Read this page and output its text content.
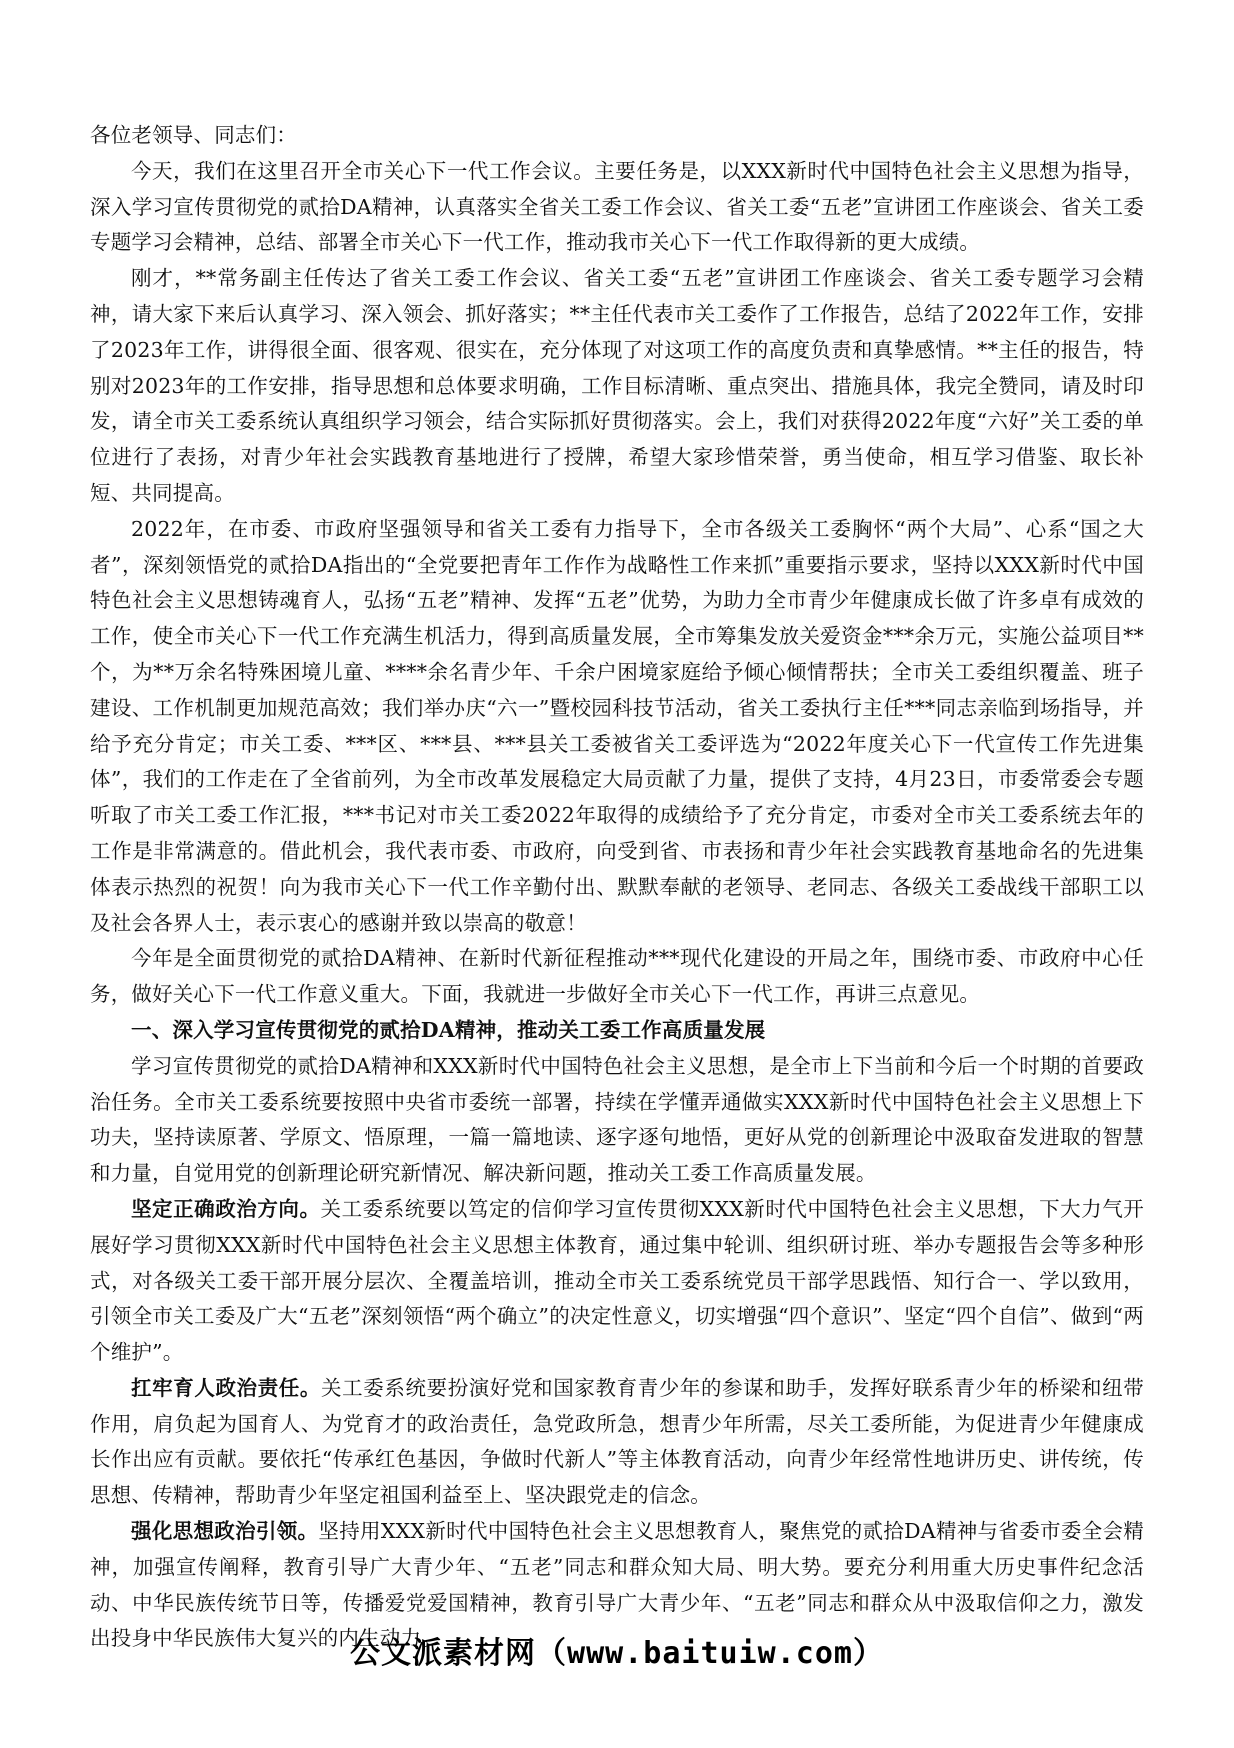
各位老领导、同志们：

今天，我们在这里召开全市关心下一代工作会议。主要任务是，以XXX新时代中国特色社会主义思想为指导，深入学习宣传贯彻党的贰拾DA精神，认真落实全省关工委工作会议、省关工委“五老”宣讲团工作座谈会、省关工委专题学习会精神，总结、部署全市关心下一代工作，推动我市关心下一代工作取得新的更大成绩。

刚才，**常务副主任传达了省关工委工作会议、省关工委“五老”宣讲团工作座谈会、省关工委专题学习会精神，请大家下来后认真学习、深入领会、抓好落实；**主任代表市关工委作了工作报告，总结了2022年工作，安排了2023年工作，讲得很全面、很客观、很实在，充分体现了对这项工作的高度负责和真挚感情。**主任的报告，特别对2023年的工作安排，指导思想和总体要求明确，工作目标清晰、重点突出、措施具体，我完全赞同，请及时印发，请全市关工委系统认真组织学习领会，结合实际抓好贯彻落实。会上，我们对获得2022年度“六好”关工委的单位进行了表扬，对青少年社会实践教育基地进行了授牌，希望大家珍惜荣誉，勇当使命，相互学习借鉴、取长补短、共同提高。

2022年，在市委、市政府坚强领导和省关工委有力指导下，全市各级关工委胸怀“两个大局”、心系“国之大者”，深刻领悟党的贰拾DA指出的“全党要把青年工作作为战略性工作来抓”重要指示要求，坚持以XXX新时代中国特色社会主义思想铸魂育人，弘扬“五老”精神、发挥“五老”优势，为助力全市青少年健康成长做了许多卓有成效的工作，使全市关心下一代工作充满生机活力，得到高质量发展，全市筹集发放关爱资金***余万元，实施公益项目**个，为**万余名特殊困境儿童、****余名青少年、千余户困境家庭给予倾心倾情帮扶；全市关工委组织覆盖、班子建设、工作机制更加规范高效；我们举办庆“六一”暨校园科技节活动，省关工委执行主任***同志亲临到场指导，并给予充分肯定；市关工委、***区、***县、***县关工委被省关工委评选为“2022年度关心下一代宣传工作先进集体”，我们的工作走在了全省前列，为全市改革发展稳定大局贡献了力量，提供了支持，4月23日，市委常委会专题听取了市关工委工作汇报，***书记对市关工委2022年取得的成绩给予了充分肯定，市委对全市关工委系统去年的工作是非常满意的。借此机会，我代表市委、市政府，向受到省、市表扬和青少年社会实践教育基地命名的先进集体表示热烈的祝贺！向为我市关心下一代工作辛勤付出、默默奉献的老领导、老同志、各级关工委战线干部职工以及社会各界人士，表示衷心的感谢并致以崇高的敬意！

今年是全面贯彻党的贰拾DA精神、在新时代新征程推动***现代化建设的开局之年，围绕市委、市政府中心任务，做好关心下一代工作意义重大。下面，我就进一步做好全市关心下一代工作，再讲三点意见。

一、深入学习宣传贯彻党的贰拾DA精神，推动关工委工作高质量发展

学习宣传贯彻党的贰拾DA精神和XXX新时代中国特色社会主义思想，是全市上下当前和今后一个时期的首要政治任务。全市关工委系统要按照中央省市委统一部署，持续在学懂弄通做实XXX新时代中国特色社会主义思想上下功夫，坚持读原著、学原文、悟原理，一篇一篇地读、逐字逐句地悟，更好从党的创新理论中汲取奋发进取的智慧和力量，自觉用党的创新理论研究新情况、解决新问题，推动关工委工作高质量发展。

坚定正确政治方向。关工委系统要以笃定的信仰学习宣传贯彻XXX新时代中国特色社会主义思想，下大力气开展好学习贯彻XXX新时代中国特色社会主义思想主体教育，通过集中轮训、组织研讨班、举办专题报告会等多种形式，对各级关工委干部开展分层次、全覆盖培训，推动全市关工委系统党员干部学思践悟、知行合一、学以致用，引领全市关工委及广大“五老”深刻领悟“两个确立”的决定性意义，切实增强“四个意识”、坚定“四个自信”、做到“两个维护”。

扛牢育人政治责任。关工委系统要扮演好党和国家教育青少年的参谋和助手，发挥好联系青少年的桥梁和纽带作用，肩负起为国育人、为党育才的政治责任，急党政所急，想青少年所需，尽关工委所能，为促进青少年健康成长作出应有贡献。要依托“传承红色基因，争做时代新人”等主体教育活动，向青少年经常性地讲历史、讲传统，传思想、传精神，帮助青少年坚定祖国利益至上、坚决跟党走的信念。

强化思想政治引领。坚持用XXX新时代中国特色社会主义思想教育人，聚焦党的贰拾DA精神与省委市委全会精神，加强宣传阐释，教育引导广大青少年、“五老”同志和群众知大局、明大势。要充分利用重大历史事件纪念活动、中华民族传统节日等，传播爱党爱国精神，教育引导广大青少年、“五老”同志和群众从中汲取信仰之力，激发出投身中华民族伟大复兴的内生动力。

公文派素材网（www.baituiw.com）
